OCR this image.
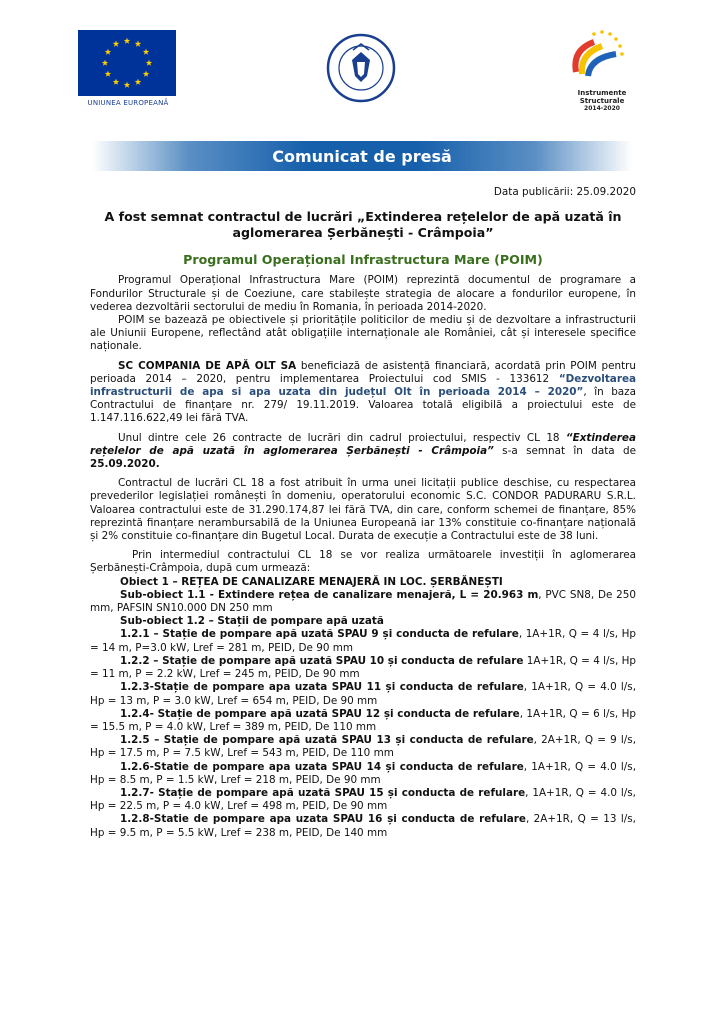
UNIUNEA EUROPEANĂ
Instrumente Structurale
2014-2020
Comunicat de presă
Data publicării: 25.09.2020
A fost semnat contractul de lucrări „Extinderea rețelelor de apă uzată în aglomerarea Șerbănești - Crâmpoia”
Programul Operațional Infrastructura Mare (POIM)

Programul Operațional Infrastructura Mare (POIM) reprezintă documentul de programare a Fondurilor Structurale și de Coeziune, care stabilește strategia de alocare a fondurilor europene, în vederea dezvoltării sectorului de mediu în Romania, în perioada 2014-2020.

POIM se bazează pe obiectivele și prioritățile politicilor de mediu și de dezvoltare a infrastructurii ale Uniunii Europene, reflectând atât obligațiile internaționale ale României, cât și interesele specifice naționale.

SC COMPANIA DE APĂ OLT SA beneficiază de asistență financiară, acordată prin POIM pentru perioada 2014 – 2020, pentru implementarea Proiectului cod SMIS - 133612 “Dezvoltarea infrastructurii de apa si apa uzata din județul Olt în perioada 2014 – 2020”, în baza Contractului de finanțare nr. 279/ 19.11.2019. Valoarea totală eligibilă a proiectului este de 1.147.116.622,49 lei fără TVA.

Unul dintre cele 26 contracte de lucrări din cadrul proiectului, respectiv CL 18 “Extinderea rețelelor de apă uzată în aglomerarea Șerbănești - Crâmpoia” s-a semnat în data de 25.09.2020.

Contractul de lucrări CL 18 a fost atribuit în urma unei licitații publice deschise, cu respectarea prevederilor legislației românești în domeniu, operatorului economic S.C. CONDOR PADURARU S.R.L. Valoarea contractului este de 31.290.174,87 lei fără TVA, din care, conform schemei de finanțare, 85% reprezintă finanțare nerambursabilă de la Uniunea Europeană iar 13% constituie co-finanțare națională și 2% constituie co-finanțare din Bugetul Local. Durata de execuție a Contractului este de 38 luni.

Prin intermediul contractului CL 18 se vor realiza următoarele investiții în aglomerarea Șerbănești-Crâmpoia, după cum urmează:

Obiect 1 – REȚEA DE CANALIZARE MENAJERĂ IN LOC. ȘERBĂNEȘTI

Sub-obiect 1.1 - Extindere rețea de canalizare menajeră, L = 20.963 m, PVC SN8, De 250 mm, PAFSIN SN10.000 DN 250 mm

Sub-obiect 1.2 – Stații de pompare apă uzată

1.2.1 – Stație de pompare apă uzată SPAU 9 și conducta de refulare, 1A+1R, Q = 4 l/s, Hp = 14 m, P=3.0 kW, Lref = 281 m, PEID, De 90 mm

1.2.2 – Stație de pompare apă uzată SPAU 10 și conducta de refulare 1A+1R, Q = 4 l/s, Hp = 11 m, P = 2.2 kW, Lref = 245 m, PEID, De 90 mm

1.2.3-Stație de pompare apa uzata SPAU 11 și conducta de refulare, 1A+1R, Q = 4.0 l/s, Hp = 13 m, P = 3.0 kW, Lref = 654 m, PEID, De 90 mm

1.2.4- Stație de pompare apă uzată SPAU 12 și conducta de refulare, 1A+1R, Q = 6 l/s, Hp = 15.5 m, P = 4.0 kW, Lref = 389 m, PEID, De 110 mm

1.2.5 – Stație de pompare apă uzată SPAU 13 și conducta de refulare, 2A+1R, Q = 9 l/s, Hp = 17.5 m, P = 7.5 kW, Lref = 543 m, PEID, De 110 mm

1.2.6-Statie de pompare apa uzata SPAU 14 și conducta de refulare, 1A+1R, Q = 4.0 l/s, Hp = 8.5 m, P = 1.5 kW, Lref = 218 m, PEID, De 90 mm

1.2.7- Stație de pompare apă uzată SPAU 15 și conducta de refulare, 1A+1R, Q = 4.0 l/s, Hp = 22.5 m, P = 4.0 kW, Lref = 498 m, PEID, De 90 mm

1.2.8-Statie de pompare apa uzata SPAU 16 și conducta de refulare, 2A+1R, Q = 13 l/s, Hp = 9.5 m, P = 5.5 kW, Lref = 238 m, PEID, De 140 mm
